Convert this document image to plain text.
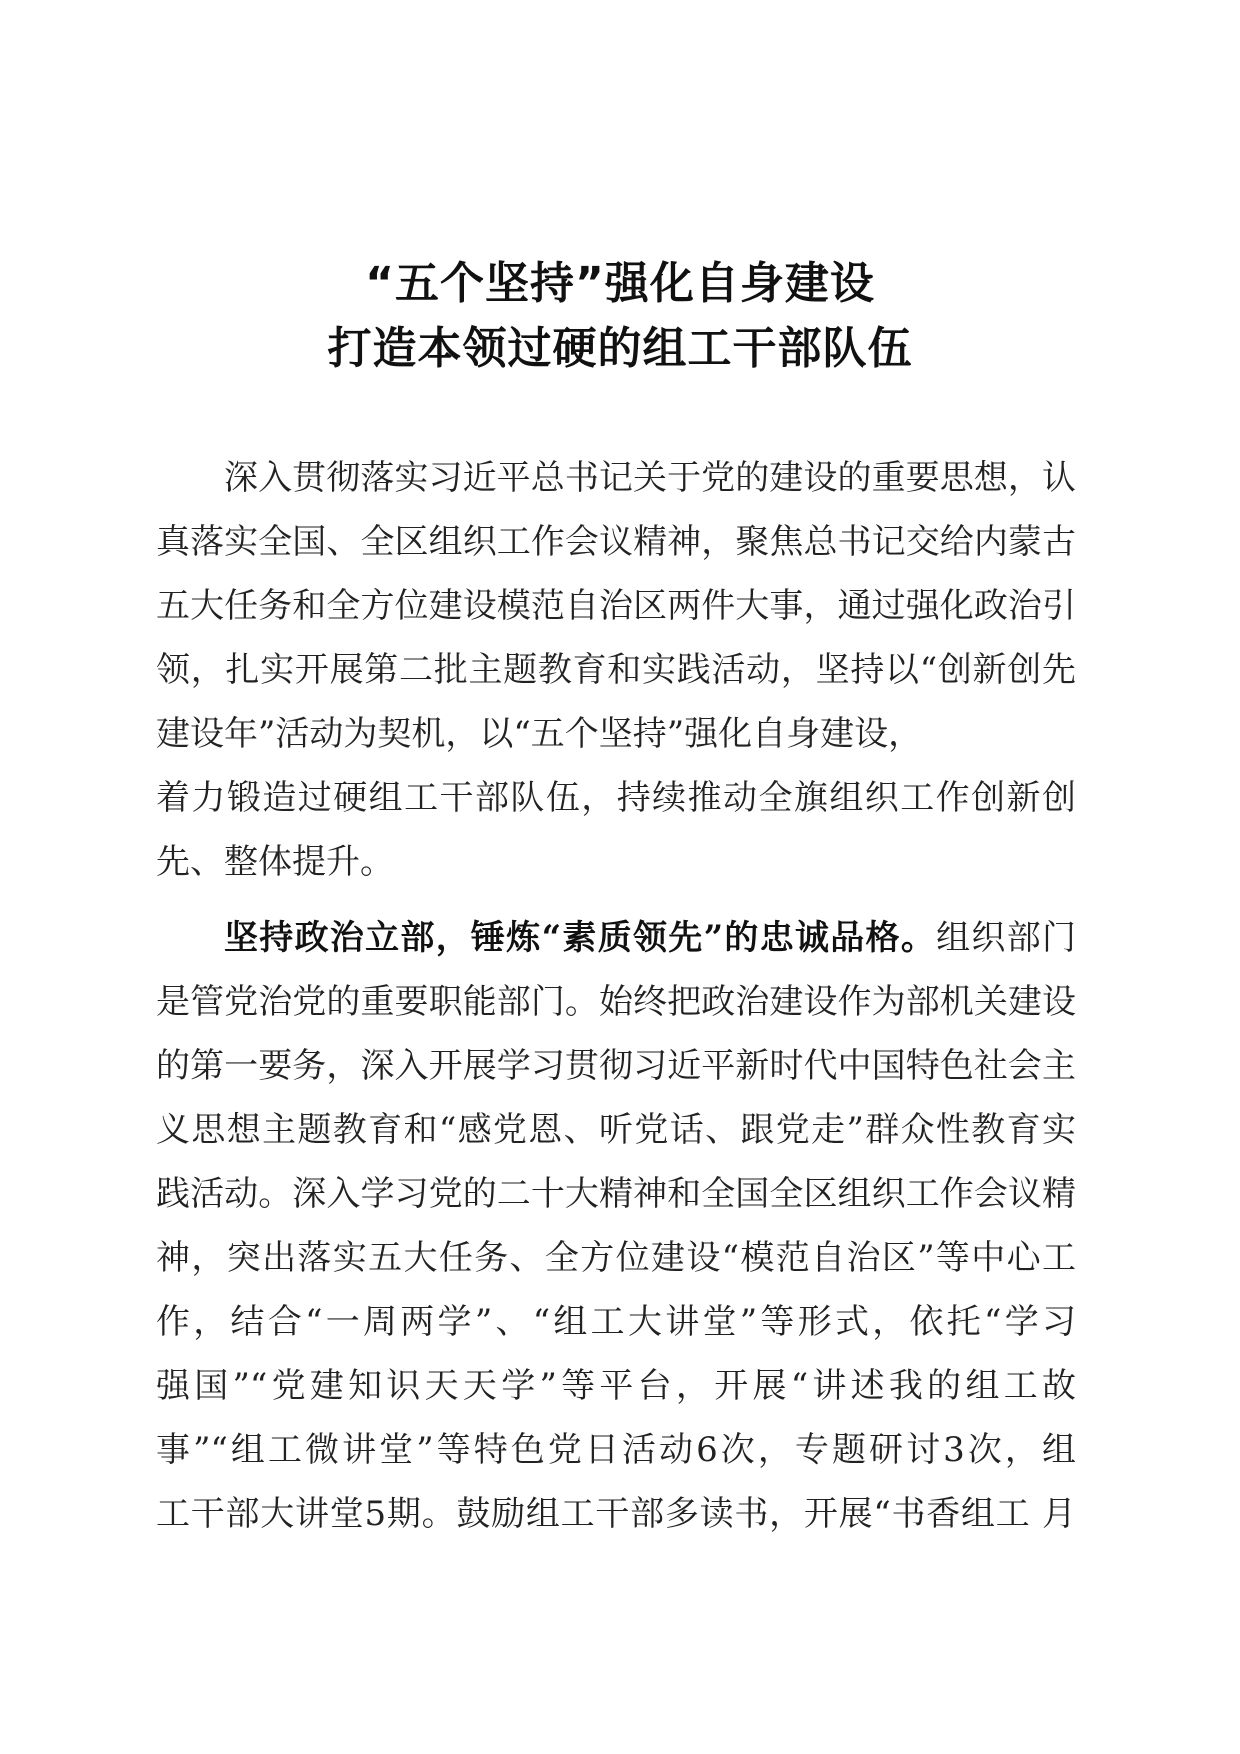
“五个坚持”强化自身建设
打造本领过硬的组工干部队伍
深入贯彻落实习近平总书记关于党的建设的重要思想，认
真落实全国、全区组织工作会议精神，聚焦总书记交给内蒙古
五大任务和全方位建设模范自治区两件大事，通过强化政治引
领，扎实开展第二批主题教育和实践活动，坚持以“创新创先
建设年”活动为契机，以“五个坚持”强化自身建设，
着力锻造过硬组工干部队伍，持续推动全旗组织工作创新创
先、整体提升。
坚持政治立部，锤炼“素质领先”的忠诚品格。组织部门
是管党治党的重要职能部门。始终把政治建设作为部机关建设
的第一要务，深入开展学习贯彻习近平新时代中国特色社会主
义思想主题教育和“感党恩、听党话、跟党走”群众性教育实
践活动。深入学习党的二十大精神和全国全区组织工作会议精
神，突出落实五大任务、全方位建设“模范自治区”等中心工
作，结合“一周两学”、“组工大讲堂”等形式，依托“学习
强国”“党建知识天天学”等平台，开展“讲述我的组工故
事”“组工微讲堂”等特色党日活动6次，专题研讨3次，组
工干部大讲堂5期。鼓励组工干部多读书，开展“书香组工 月
